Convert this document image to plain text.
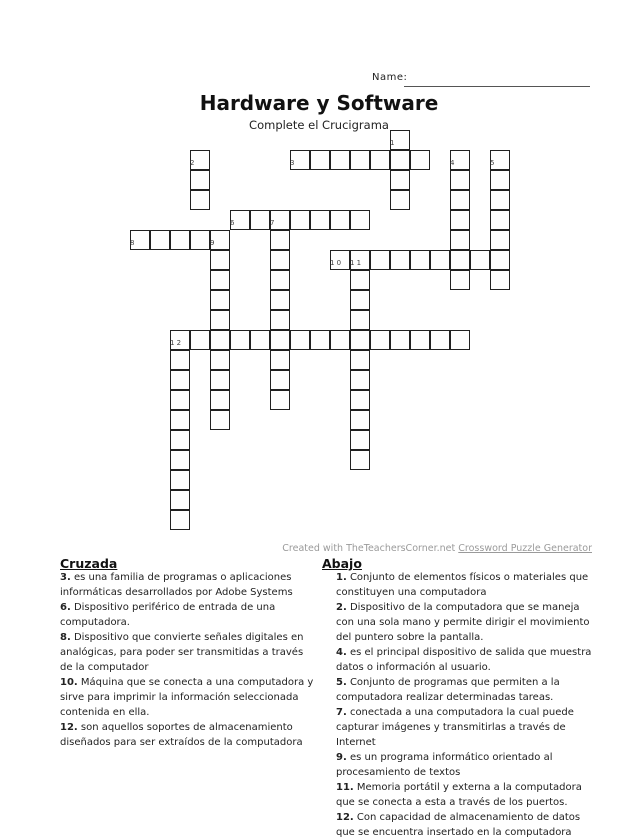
Name:
Hardware y Software
Complete el Crucigrama
1
2	3	4	5
6	7
8	9
1 0 1 1
1 2
Created with TheTeachersCorner.net Crossword Puzzle Generator
Cruzada	Abajo
3. es una familia de programas o aplicaciones informáticas desarrollados por Adobe Systems
6. Dispositivo periférico de entrada de una computadora.
8. Dispositivo que convierte señales digitales en analógicas, para poder ser transmitidas a través de la computador
10. Máquina que se conecta a una computadora y sirve para imprimir la información seleccionada contenida en ella.
12. son aquellos soportes de almacenamiento diseñados para ser extraídos de la computadora
1. Conjunto de elementos físicos o materiales que constituyen una computadora
2. Dispositivo de la computadora que se maneja con una sola mano y permite dirigir el movimiento del puntero sobre la pantalla.
4. es el principal dispositivo de salida que muestra datos o información al usuario.
5. Conjunto de programas que permiten a la computadora realizar determinadas tareas.
7. conectada a una computadora la cual puede capturar imágenes y transmitirlas a través de Internet
9. es un programa informático orientado al procesamiento de textos
11. Memoria portátil y externa a la computadora que se conecta a esta a través de los puertos.
12. Con capacidad de almacenamiento de datos que se encuentra insertado en la computadora
